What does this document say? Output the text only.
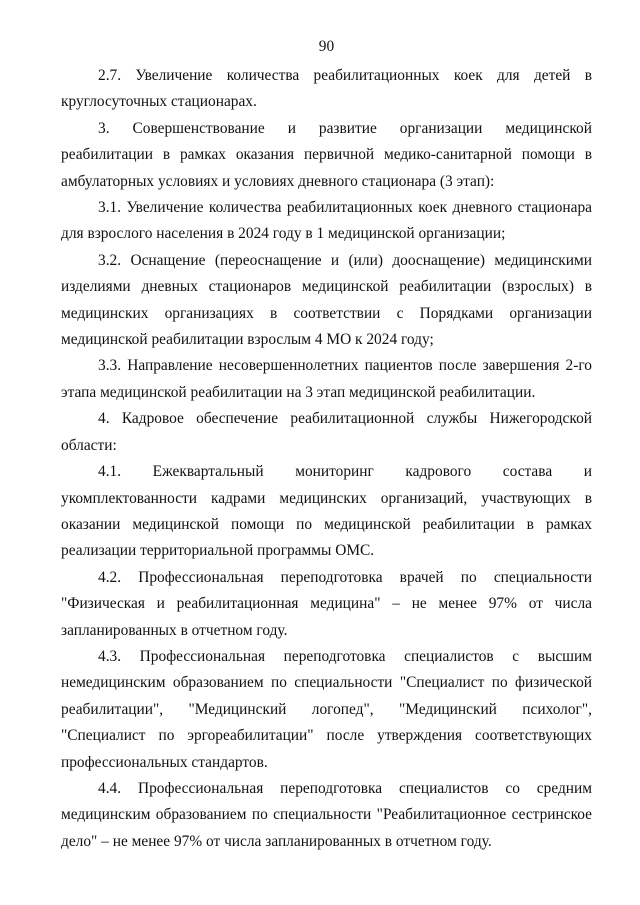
90

2.7. Увеличение количества реабилитационных коек для детей в круглосуточных стационарах.

3. Совершенствование и развитие организации медицинской реабилитации в рамках оказания первичной медико-санитарной помощи в амбулаторных условиях и условиях дневного стационара (3 этап):

3.1. Увеличение количества реабилитационных коек дневного стационара для взрослого населения в 2024 году в 1 медицинской организации;

3.2. Оснащение (переоснащение и (или) дооснащение) медицинскими изделиями дневных стационаров медицинской реабилитации (взрослых) в медицинских организациях в соответствии с Порядками организации медицинской реабилитации взрослым 4 МО к 2024 году;

3.3. Направление несовершеннолетних пациентов после завершения 2-го этапа медицинской реабилитации на 3 этап медицинской реабилитации.

4. Кадровое обеспечение реабилитационной службы Нижегородской области:

4.1. Ежеквартальный мониторинг кадрового состава и укомплектованности кадрами медицинских организаций, участвующих в оказании медицинской помощи по медицинской реабилитации в рамках реализации территориальной программы ОМС.

4.2. Профессиональная переподготовка врачей по специальности "Физическая и реабилитационная медицина" – не менее 97% от числа запланированных в отчетном году.

4.3. Профессиональная переподготовка специалистов с высшим немедицинским образованием по специальности "Специалист по физической реабилитации", "Медицинский логопед", "Медицинский психолог", "Специалист по эргореабилитации" после утверждения соответствующих профессиональных стандартов.

4.4. Профессиональная переподготовка специалистов со средним медицинским образованием по специальности "Реабилитационное сестринское дело" – не менее 97% от числа запланированных в отчетном году.
